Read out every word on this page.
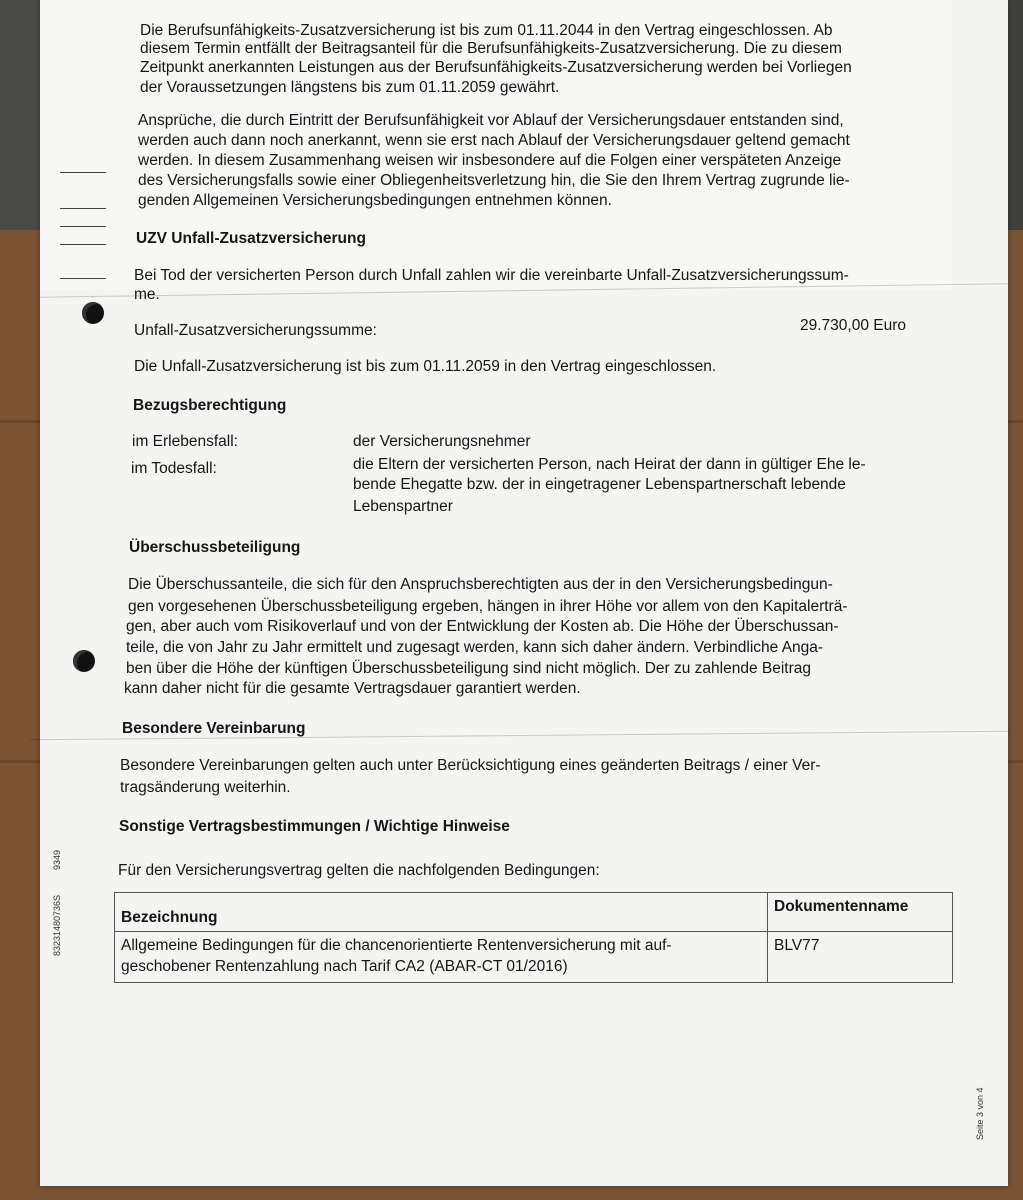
Die Berufsunfähigkeits-Zusatzversicherung ist bis zum 01.11.2044 in den Vertrag eingeschlossen. Ab
diesem Termin entfällt der Beitragsanteil für die Berufsunfähigkeits-Zusatzversicherung. Die zu diesem
Zeitpunkt anerkannten Leistungen aus der Berufsunfähigkeits-Zusatzversicherung werden bei Vorliegen
der Voraussetzungen längstens bis zum 01.11.2059 gewährt.
Ansprüche, die durch Eintritt der Berufsunfähigkeit vor Ablauf der Versicherungsdauer entstanden sind,
werden auch dann noch anerkannt, wenn sie erst nach Ablauf der Versicherungsdauer geltend gemacht
werden. In diesem Zusammenhang weisen wir insbesondere auf die Folgen einer verspäteten Anzeige
des Versicherungsfalls sowie einer Obliegenheitsverletzung hin, die Sie den Ihrem Vertrag zugrunde lie-
genden Allgemeinen Versicherungsbedingungen entnehmen können.
UZV Unfall-Zusatzversicherung
Bei Tod der versicherten Person durch Unfall zahlen wir die vereinbarte Unfall-Zusatzversicherungssum-
me.
Unfall-Zusatzversicherungssumme:	29.730,00 Euro
Die Unfall-Zusatzversicherung ist bis zum 01.11.2059 in den Vertrag eingeschlossen.
Bezugsberechtigung
im Erlebensfall:	der Versicherungsnehmer
im Todesfall:	die Eltern der versicherten Person, nach Heirat der dann in gültiger Ehe le-
bende Ehegatte bzw. der in eingetragener Lebenspartnerschaft lebende
Lebenspartner
Überschussbeteiligung
Die Überschussanteile, die sich für den Anspruchsberechtigten aus der in den Versicherungsbedingun-
gen vorgesehenen Überschussbeteiligung ergeben, hängen in ihrer Höhe vor allem von den Kapitalerträ-
gen, aber auch vom Risikoverlauf und von der Entwicklung der Kosten ab. Die Höhe der Überschussan-
teile, die von Jahr zu Jahr ermittelt und zugesagt werden, kann sich daher ändern. Verbindliche Anga-
ben über die Höhe der künftigen Überschussbeteiligung sind nicht möglich. Der zu zahlende Beitrag
kann daher nicht für die gesamte Vertragsdauer garantiert werden.
Besondere Vereinbarung
Besondere Vereinbarungen gelten auch unter Berücksichtigung eines geänderten Beitrags / einer Ver-
tragsänderung weiterhin.
Sonstige Vertragsbestimmungen / Wichtige Hinweise
Für den Versicherungsvertrag gelten die nachfolgenden Bedingungen:
Bezeichnung	Dokumentenname

Allgemeine Bedingungen für die chancenorientierte Rentenversicherung mit auf-
geschobener Rentenzahlung nach Tarif CA2 (ABAR-CT 01/2016)	BLV77
83231480736S
9349
Seite 3 von 4
